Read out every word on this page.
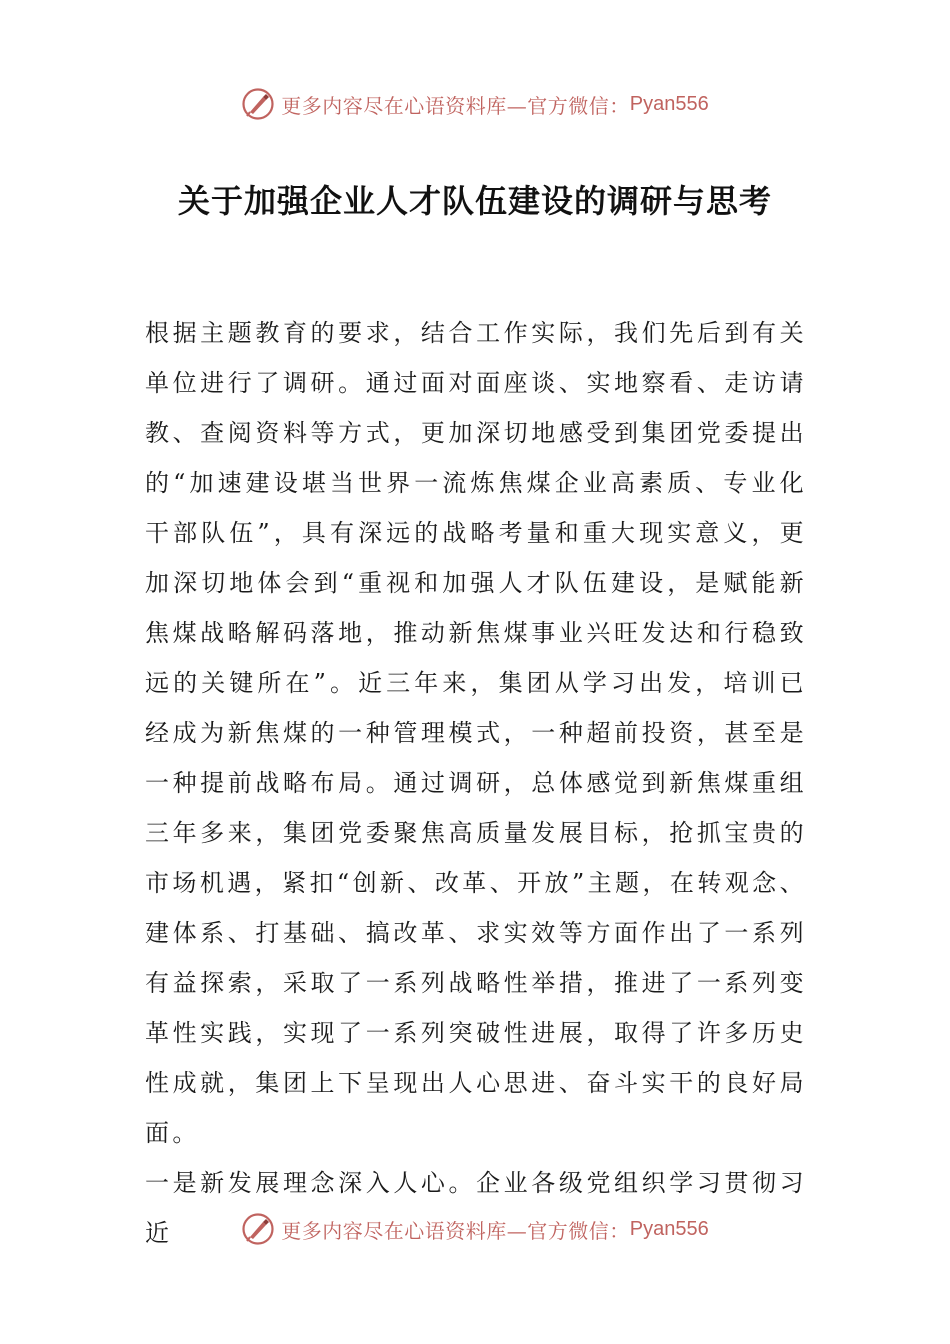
更多内容尽在心语资料库—官方微信： Pyan556
关于加强企业人才队伍建设的调研与思考

根据主题教育的要求，结合工作实际，我们先后到有关单位进行了调研。通过面对面座谈、实地察看、走访请教、查阅资料等方式，更加深切地感受到集团党委提出的“加速建设堪当世界一流炼焦煤企业高素质、专业化干部队伍”，具有深远的战略考量和重大现实意义，更加深切地体会到“重视和加强人才队伍建设，是赋能新焦煤战略解码落地，推动新焦煤事业兴旺发达和行稳致远的关键所在”。近三年来，集团从学习出发，培训已经成为新焦煤的一种管理模式，一种超前投资，甚至是一种提前战略布局。通过调研，总体感觉到新焦煤重组三年多来，集团党委聚焦高质量发展目标，抢抓宝贵的市场机遇，紧扣“创新、改革、开放”主题，在转观念、建体系、打基础、搞改革、求实效等方面作出了一系列有益探索，采取了一系列战略性举措，推进了一系列变革性实践，实现了一系列突破性进展，取得了许多历史性成就，集团上下呈现出人心思进、奋斗实干的良好局面。

一是新发展理念深入人心。企业各级党组织学习贯彻习近	更多内容尽在心语资料库—官方微信： Pyan556
